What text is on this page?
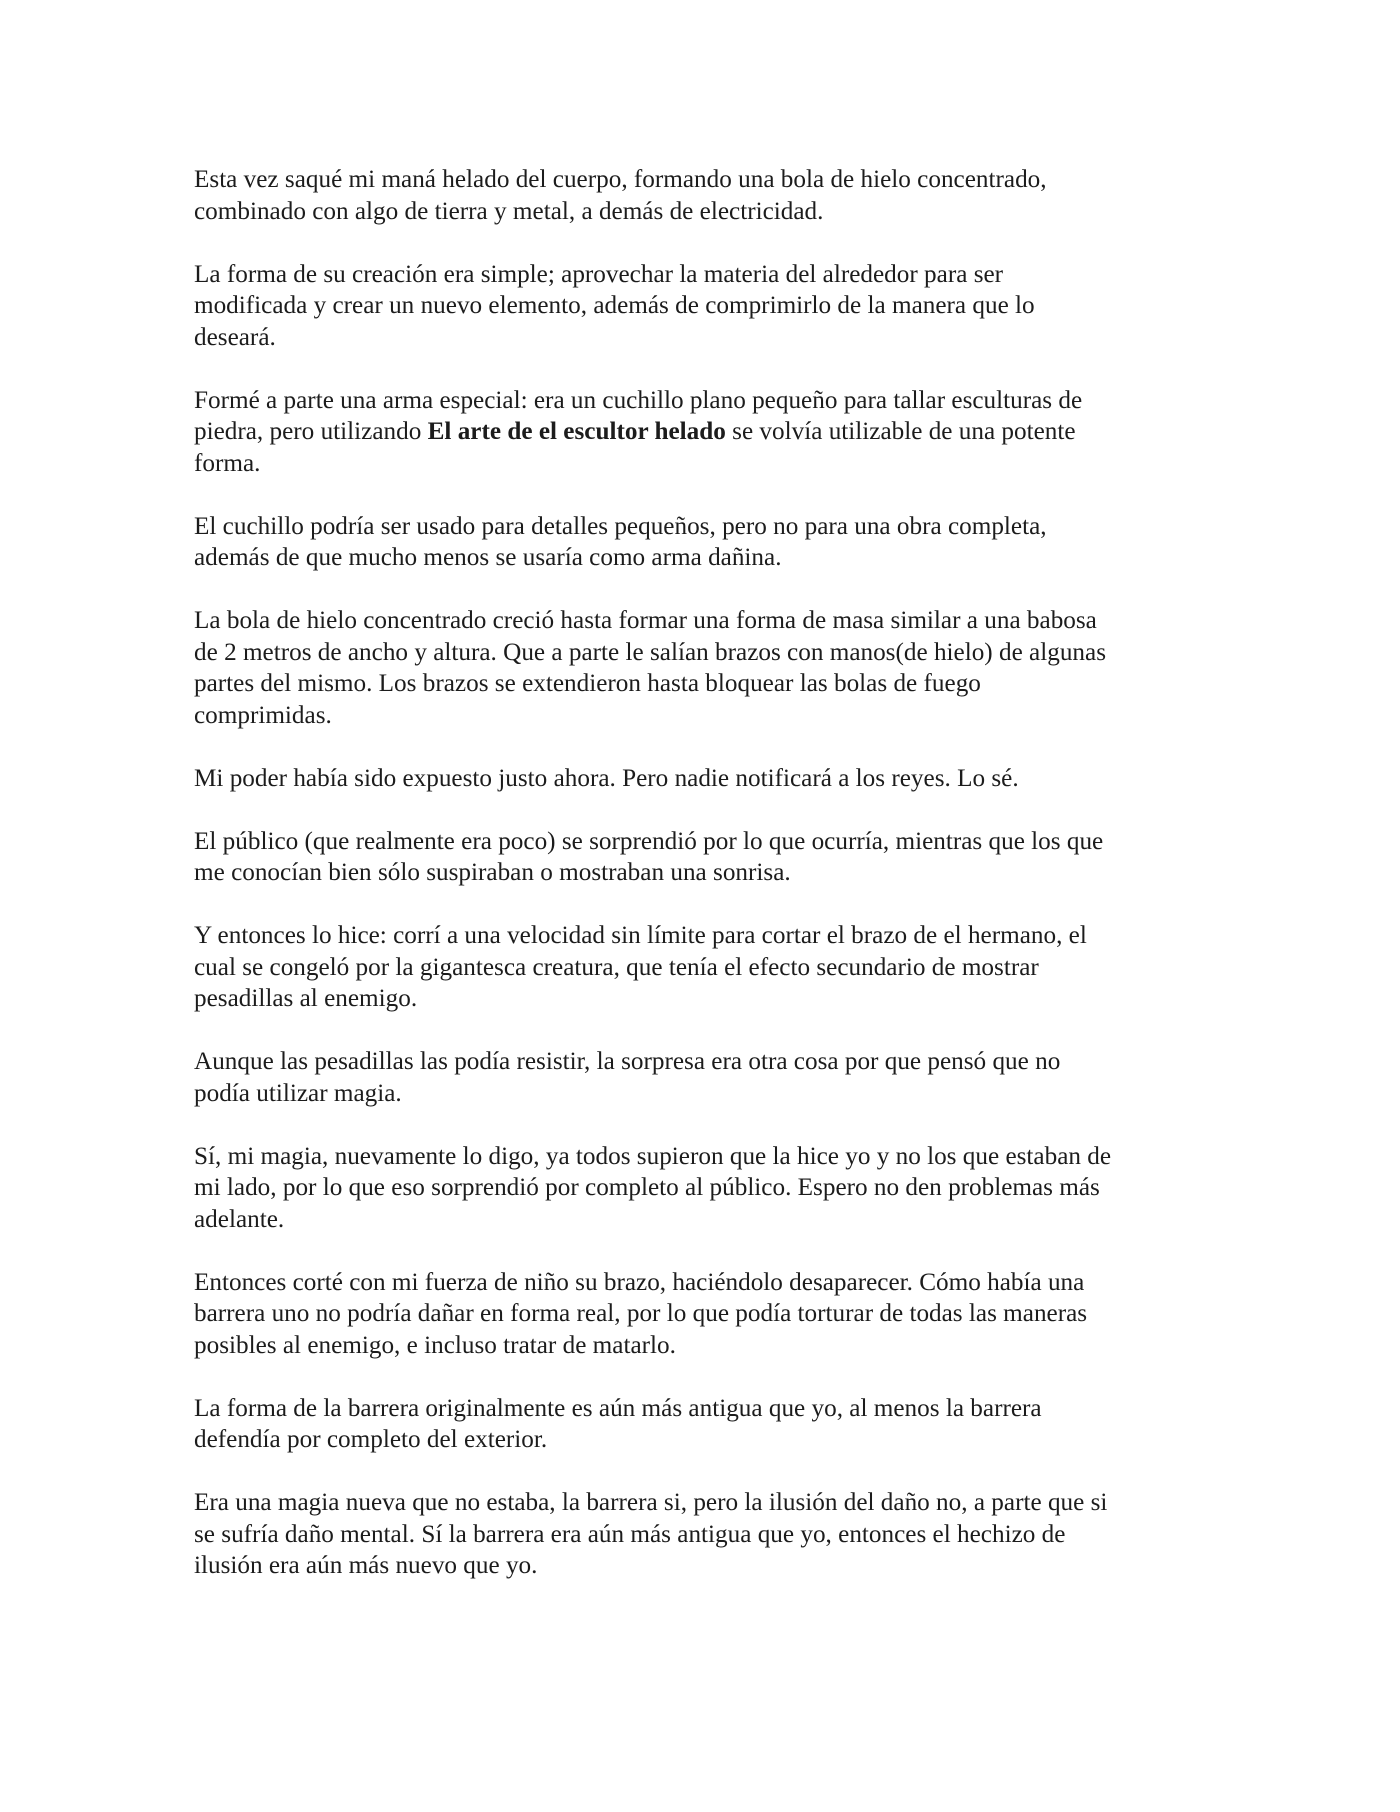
Esta vez saqué mi maná helado del cuerpo, formando una bola de hielo concentrado,
combinado con algo de tierra y metal, a demás de electricidad.

La forma de su creación era simple; aprovechar la materia del alrededor para ser
modificada y crear un nuevo elemento, además de comprimirlo de la manera que lo
deseará.

Formé a parte una arma especial: era un cuchillo plano pequeño para tallar esculturas de
piedra, pero utilizando El arte de el escultor helado se volvía utilizable de una potente
forma.

El cuchillo podría ser usado para detalles pequeños, pero no para una obra completa,
además de que mucho menos se usaría como arma dañina.

La bola de hielo concentrado creció hasta formar una forma de masa similar a una babosa
de 2 metros de ancho y altura. Que a parte le salían brazos con manos(de hielo) de algunas
partes del mismo. Los brazos se extendieron hasta bloquear las bolas de fuego
comprimidas.

Mi poder había sido expuesto justo ahora. Pero nadie notificará a los reyes. Lo sé.

El público (que realmente era poco) se sorprendió por lo que ocurría, mientras que los que
me conocían bien sólo suspiraban o mostraban una sonrisa.

Y entonces lo hice: corrí a una velocidad sin límite para cortar el brazo de el hermano, el
cual se congeló por la gigantesca creatura, que tenía el efecto secundario de mostrar
pesadillas al enemigo.

Aunque las pesadillas las podía resistir, la sorpresa era otra cosa por que pensó que no
podía utilizar magia.

Sí, mi magia, nuevamente lo digo, ya todos supieron que la hice yo y no los que estaban de
mi lado, por lo que eso sorprendió por completo al público. Espero no den problemas más
adelante.

Entonces corté con mi fuerza de niño su brazo, haciéndolo desaparecer. Cómo había una
barrera uno no podría dañar en forma real, por lo que podía torturar de todas las maneras
posibles al enemigo, e incluso tratar de matarlo.

La forma de la barrera originalmente es aún más antigua que yo, al menos la barrera
defendía por completo del exterior.

Era una magia nueva que no estaba, la barrera si, pero la ilusión del daño no, a parte que si
se sufría daño mental. Sí la barrera era aún más antigua que yo, entonces el hechizo de
ilusión era aún más nuevo que yo.
